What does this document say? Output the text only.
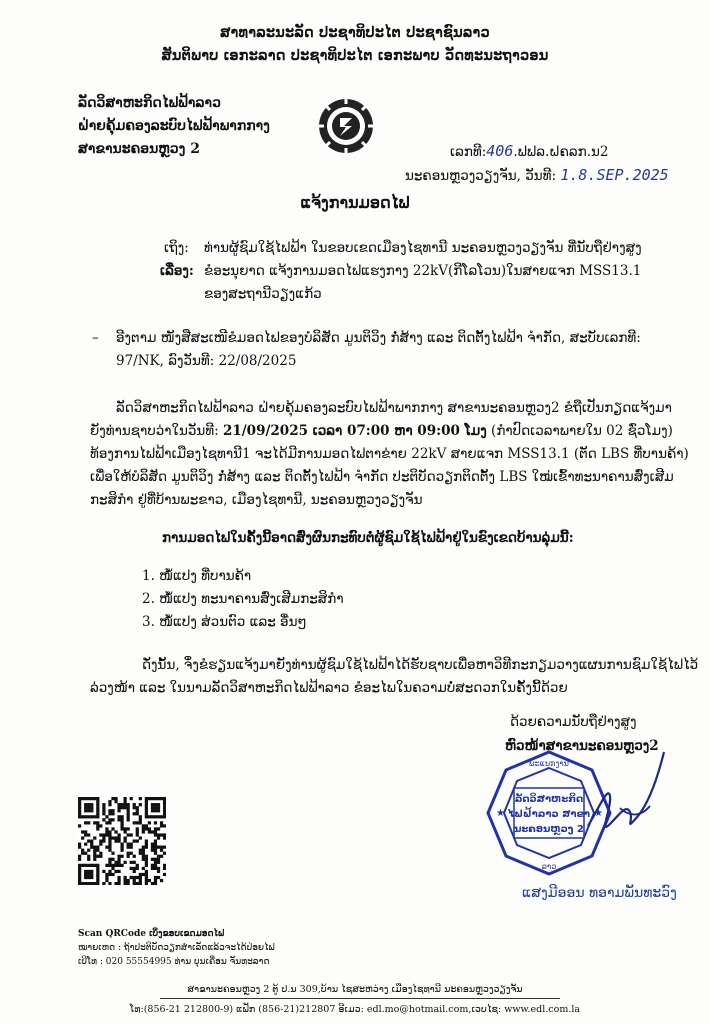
ສາທາລະນະລັດ ປະຊາທິປະໄຕ ປະຊາຊົນລາວ
ສັນຕິພາບ ເອກະລາດ ປະຊາທິປະໄຕ ເອກະພາບ ວັດທະນະຖາວອນ
ລັດວິສາຫະກິດໄຟຟ້າລາວ
ຝ່າຍຄຸ້ມຄອງລະບົບໄຟຟ້າພາກກາງ
ສາຂານະຄອນຫຼວງ 2	ເລກທີ:406.ຟຟລ.ຝຄລກ.ນ2
ນະຄອນຫຼວງວຽງຈັນ, ວັນທີ: 1.8.SEP.2025
ແຈ້ງການມອດໄຟ
ເຖິງ: ທ່ານຜູ້ຊົມໃຊ້ໄຟຟ້າ ໃນຂອບເຂດເມືອງໄຊທານີ ນະຄອນຫຼວງວຽງຈັນ ທີ່ນັບຖືຢ່າງສູງ
ເລື່ອງ: ຂໍອະນຸຍາດ ແຈ້ງການມອດໄຟແຮງກາງ 22kV(ກີໂລໂວນ)ໃນສາຍແຈກ MSS13.1
ຂອງສະຖານີວຽງແກ້ວ
– ອີງຕາມ ໜັງສືສະເໜີຂໍມອດໄຟຂອງບໍລິສັດ ມູນຕິວິງ ກໍ່ສ້າງ ແລະ ຕິດຕັ້ງໄຟຟ້າ ຈໍາກັດ, ສະບັບເລກທີ:
97/NK, ລົງວັນທີ: 22/08/2025
ລັດວິສາຫະກິດໄຟຟ້າລາວ ຝ່າຍຄຸ້ມຄອງລະບົບໄຟຟ້າພາກກາງ ສາຂານະຄອນຫຼວງ2 ຂໍຖືເປັນກຽດແຈ້ງມາ
ຍັງທ່ານຊາບວ່າໃນວັນທີ: 21/09/2025 ເວລາ 07:00 ຫາ 09:00 ໂມງ (ກໍາປົດເວລາພາຍໃນ 02 ຊົ່ວໂມງ)
ທ້ອງການໄຟຟ້າເມືອງໄຊທານີ1 ຈະໄດ້ມີການມອດໄຟຕາຂ່າຍ 22kV ສາຍແຈກ MSS13.1 (ຕັດ LBS ທີ່ບານຄ້າ)
ເພື່ອໃຫ້ບໍລິສັດ ມູນຕິວິງ ກໍ່ສ້າງ ແລະ ຕິດຕັ້ງໄຟຟ້າ ຈໍາກັດ ປະຕິບັດວຽກຕິດຕັ້ງ LBS ໃໝ່ເຂົ້າທະນາຄານສົ່ງເສີມ
ກະສິກໍາ ຢູ່ທີ່ບ້ານພະຂາວ, ເມືອງໄຊທານີ, ນະຄອນຫຼວງວຽງຈັນ
ການມອດໄຟໃນຄັ້ງນີ້ອາດສົ່ງຜົນກະທົບຕໍ່ຜູ້ຊົມໃຊ້ໄຟຟ້າຢູ່ໃນຂົງເຂດບ້ານລຸ່ມນີ້:
1. ໜໍ້ແປງ ທີ່ບານຄ້າ
2. ໜໍ້ແປງ ທະນາຄານສົ່ງເສີມກະສິກໍາ
3. ໜໍ້ແປງ ສ່ວນຕົວ ແລະ ອື່ນໆ
ດັ່ງນັ້ນ, ຈຶ່ງຂໍຮຽນແຈ້ງມາຍັງທ່ານຜູ້ຊົມໃຊ້ໄຟຟ້າໄດ້ຮັບຊາບເພື່ອຫາວິທີກະກຽມວາງແຜນການຊົມໃຊ້ໄຟໄວ້
ລ່ວງໜ້າ ແລະ ໃນນາມລັດວິສາຫະກິດໄຟຟ້າລາວ ຂໍອະໄພໃນຄວາມບໍ່ສະດວກໃນຄັ້ງນີ້ດ້ວຍ
ດ້ວຍຄວາມນັບຖືຢ່າງສູງ
ຫົວໜ້າສາຂານະຄອນຫຼວງ2
ພະແນກງານ
ລັດວິສາຫະກິດ
ໄຟຟ້າລາວ ສາຂາ
ນະຄອນຫຼວງ 2
ລາວ
★	★
ແສງມີອອນ ທອາມພັນທະວົງ
Scan QRCode ເບິ່ງຂອບເຂດມອດໄຟ
ໝາຍເຫດ : ຖ້າປະຕິບັດວຽກສໍາເລັດແລ້ວຈະໄດ້ປ່ອຍໄຟ
ເບີໂທ : 020 55554995 ທ່ານ ບຸນເຄື່ອນ ຈັນທະລາດ
ສາຂານະຄອນຫຼວງ 2 ຕູ້ ປ.ນ 309,ບ້ານ ໄຊສະຫວ່າງ ເມືອງໄຊທານີ ນະຄອນຫຼວງວຽງຈັນ
ໂທ:(856-21 212800-9) ແຟັກ (856-21)212807 ອີເມວ: edl.mo@hotmail.com,ເວບໄຊ: www.edl.com.la
